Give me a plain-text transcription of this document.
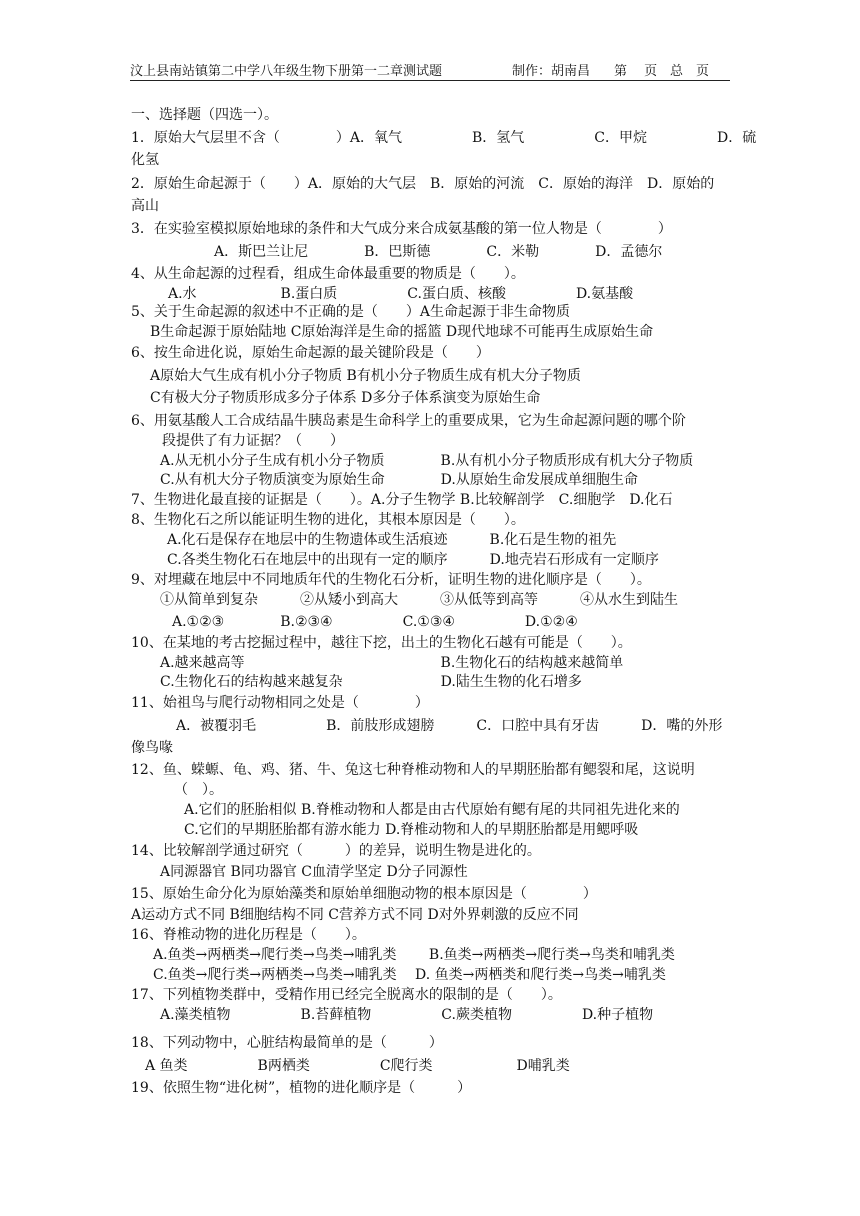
汶上县南站镇第二中学八年级生物下册第一二章测试题	制作：胡南昌 第　 页 总　页
一、选择题（四选一）。
1．原始大气层里不含（　　　　）A．氧气　　　　　B．氢气　　　　　C．甲烷　　　　　D．硫
化氢
2．原始生命起源于（　　）A．原始的大气层　B．原始的河流　C．原始的海洋　D．原始的
高山
3．在实验室模拟原始地球的条件和大气成分来合成氨基酸的第一位人物是（　　　　）
A．斯巴兰让尼　　　　B．巴斯德　　　　C．米勒　　　　D．孟德尔
4、从生命起源的过程看，组成生命体最重要的物质是（　　）。
A.水　　　　　　B.蛋白质　　　　　C.蛋白质、核酸　　　　　D.氨基酸
5、关于生命起源的叙述中不正确的是（　　）A生命起源于非生命物质
B生命起源于原始陆地 C原始海洋是生命的摇篮 D现代地球不可能再生成原始生命
6、按生命进化说，原始生命起源的最关键阶段是（　　）
A原始大气生成有机小分子物质 B有机小分子物质生成有机大分子物质
C有极大分子物质形成多分子体系 D多分子体系演变为原始生命
6、用氨基酸人工合成结晶牛胰岛素是生命科学上的重要成果，它为生命起源问题的哪个阶
段提供了有力证据？（　　）
A.从无机小分子生成有机小分子物质　　　　B.从有机小分子物质形成有机大分子物质
C.从有机大分子物质演变为原始生命　　　　D.从原始生命发展成单细胞生命
7、生物进化最直接的证据是（　　）。A.分子生物学 B.比较解剖学　C.细胞学　D.化石
8、生物化石之所以能证明生物的进化，其根本原因是（　　）。
A.化石是保存在地层中的生物遗体或生活痕迹　　　B.化石是生物的祖先
C.各类生物化石在地层中的出现有一定的顺序　　　D.地壳岩石形成有一定顺序
9、对埋藏在地层中不同地质年代的生物化石分析，证明生物的进化顺序是（　　）。
①从简单到复杂　　　②从矮小到高大　　　③从低等到高等　　　④从水生到陆生
A.①②③　　　　B.②③④　　　　　C.①③④　　　　　D.①②④
10、在某地的考古挖掘过程中，越往下挖，出土的生物化石越有可能是（　　）。
A.越来越高等　　　　　　　　　　　　　　B.生物化石的结构越来越简单
C.生物化石的结构越来越复杂　　　　　　　D.陆生生物的化石增多
11、始祖鸟与爬行动物相同之处是（　　　　）
A．被覆羽毛　　　　　B．前肢形成翅膀　　　C．口腔中具有牙齿　　　D．嘴的外形
像鸟喙
12、鱼、蝾螈、龟、鸡、猪、牛、兔这七种脊椎动物和人的早期胚胎都有鳃裂和尾，这说明
（　）。
A.它们的胚胎相似 B.脊椎动物和人都是由古代原始有鳃有尾的共同祖先进化来的
C.它们的早期胚胎都有游水能力 D.脊椎动物和人的早期胚胎都是用鳃呼吸
14、比较解剖学通过研究（　　　）的差异，说明生物是进化的。
A同源器官 B同功器官 C血清学坚定 D分子同源性
15、原始生命分化为原始藻类和原始单细胞动物的根本原因是（　　　　）
A运动方式不同 B细胞结构不同 C营养方式不同 D对外界刺激的反应不同
16、脊椎动物的进化历程是（　　）。
A.鱼类→两栖类→爬行类→鸟类→哺乳类　　 B.鱼类→两栖类→爬行类→鸟类和哺乳类
C.鱼类→爬行类→两栖类→鸟类→哺乳类　 D. 鱼类→两栖类和爬行类→鸟类→哺乳类
17、下列植物类群中，受精作用已经完全脱离水的限制的是（　　）。
A.藻类植物　　　　　B.苔藓植物　　　　　C.蕨类植物　　　　　D.种子植物
18、下列动物中，心脏结构最简单的是（　　　）
A 鱼类　　　　　B两栖类　　　　　C爬行类　　　　　　D哺乳类
19、依照生物“进化树”，植物的进化顺序是（　　　）
